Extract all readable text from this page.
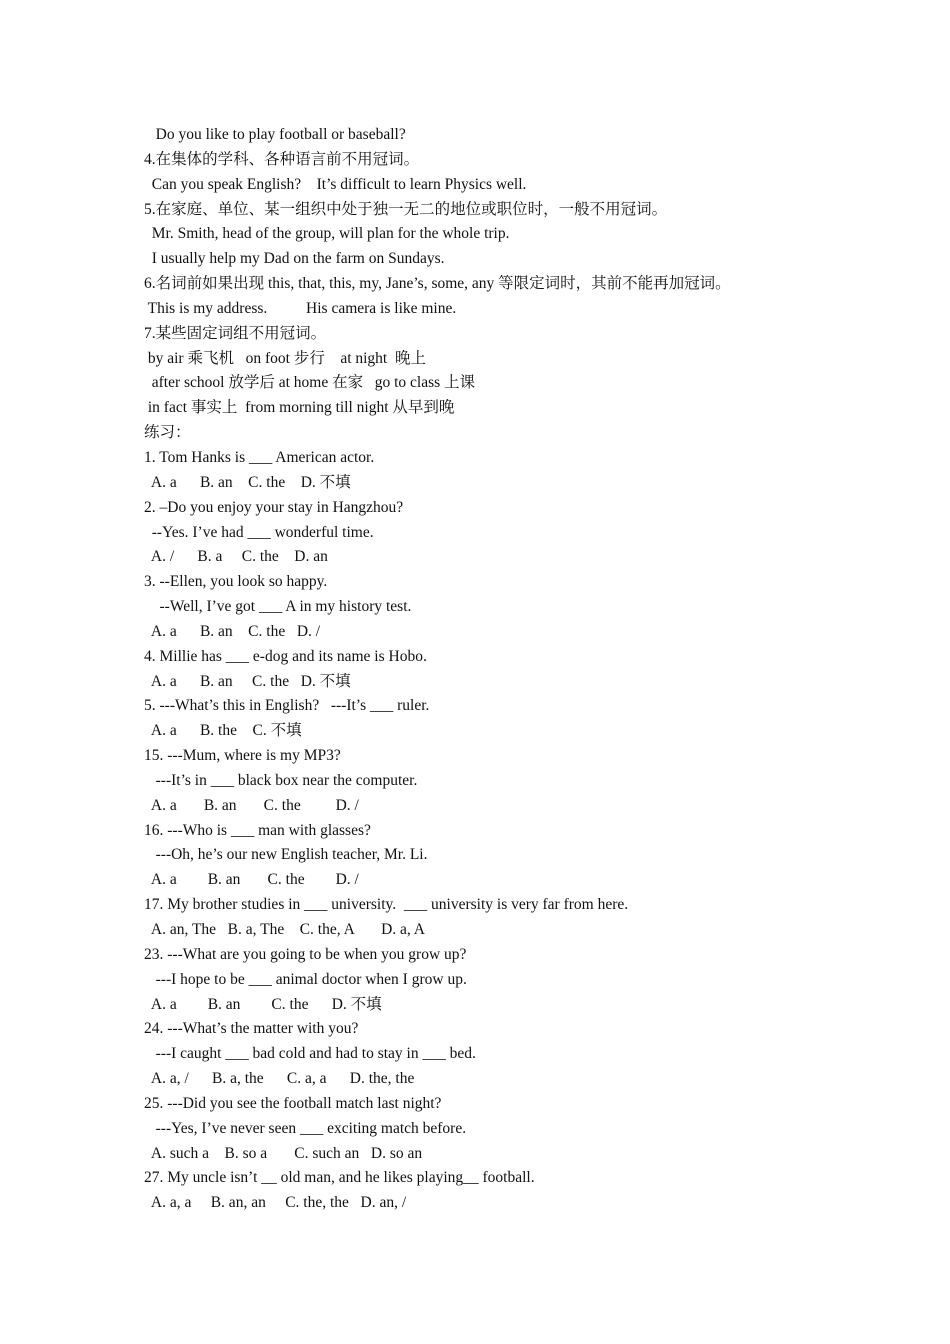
Do you like to play football or baseball?
4.在集体的学科、各种语言前不用冠词。
Can you speak English?    It’s difficult to learn Physics well.
5.在家庭、单位、某一组织中处于独一无二的地位或职位时，一般不用冠词。
Mr. Smith, head of the group, will plan for the whole trip.
I usually help my Dad on the farm on Sundays.
6.名词前如果出现 this, that, this, my, Jane’s, some, any 等限定词时，其前不能再加冠词。
This is my address.          His camera is like mine.
7.某些固定词组不用冠词。
by air 乘飞机   on foot 步行    at night  晚上
after school 放学后 at home 在家   go to class 上课
in fact 事实上  from morning till night 从早到晚
练习：
1. Tom Hanks is ___ American actor.
A. a      B. an    C. the    D. 不填
2. –Do you enjoy your stay in Hangzhou?
--Yes. I’ve had ___ wonderful time.
A. /      B. a     C. the    D. an
3. --Ellen, you look so happy.
--Well, I’ve got ___ A in my history test.
A. a      B. an    C. the   D. /
4. Millie has ___ e-dog and its name is Hobo.
A. a      B. an     C. the   D. 不填
5. ---What’s this in English?   ---It’s ___ ruler.
A. a      B. the    C. 不填
15. ---Mum, where is my MP3?
---It’s in ___ black box near the computer.
A. a       B. an       C. the         D. /
16. ---Who is ___ man with glasses?
---Oh, he’s our new English teacher, Mr. Li.
A. a        B. an       C. the        D. /
17. My brother studies in ___ university.  ___ university is very far from here.
A. an, The   B. a, The    C. the, A       D. a, A
23. ---What are you going to be when you grow up?
---I hope to be ___ animal doctor when I grow up.
A. a        B. an        C. the      D. 不填
24. ---What’s the matter with you?
---I caught ___ bad cold and had to stay in ___ bed.
A. a, /      B. a, the      C. a, a      D. the, the
25. ---Did you see the football match last night?
---Yes, I’ve never seen ___ exciting match before.
A. such a    B. so a       C. such an   D. so an
27. My uncle isn’t __ old man, and he likes playing__ football.
A. a, a     B. an, an     C. the, the   D. an, /
